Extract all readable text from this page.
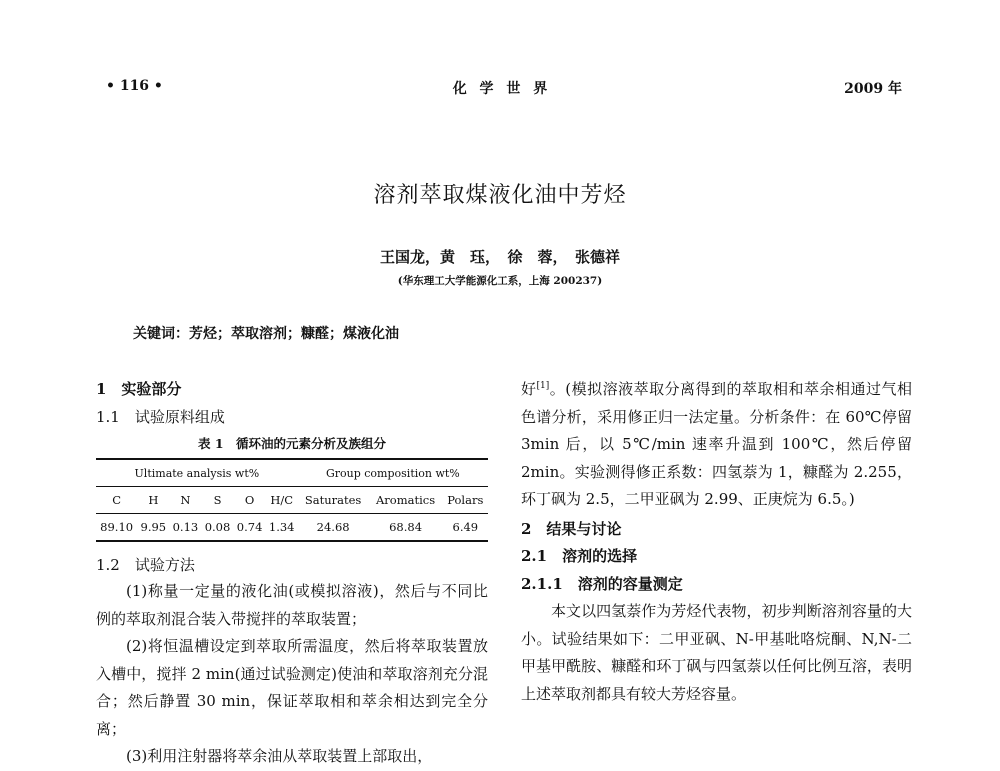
• 116 •	化 学 世 界	2009 年
溶剂萃取煤液化油中芳烃
王国龙，黄　珏，　徐　蓉，　张德祥
(华东理工大学能源化工系，上海 200237)
关键词：芳烃；萃取溶剂；糠醛；煤液化油
1　实验部分
1.1　试验原料组成
表 1　循环油的元素分析及族组分
Ultimate analysis wt%						Group composition wt%		
C	H	N	S	O	H/C	Saturates	Aromatics	Polars
89.10	9.95	0.13	0.08	0.74	1.34	24.68	68.84	6.49
1.2　试验方法

(1)称量一定量的液化油(或模拟溶液)，然后与不同比例的萃取剂混合装入带搅拌的萃取装置；

(2)将恒温槽设定到萃取所需温度，然后将萃取装置放入槽中，搅拌 2 min(通过试验测定)使油和萃取溶剂充分混合；然后静置 30 min，保证萃取相和萃余相达到完全分离；

(3)利用注射器将萃余油从萃取装置上部取出，

好[1]。(模拟溶液萃取分离得到的萃取相和萃余相通过气相色谱分析，采用修正归一法定量。分析条件：在 60℃停留 3min 后，以 5℃/min 速率升温到 100℃，然后停留 2min。实验测得修正系数：四氢萘为 1，糠醛为 2.255，环丁砜为 2.5，二甲亚砜为 2.99、正庚烷为 6.5。)

2　结果与讨论

2.1　溶剂的选择

2.1.1　溶剂的容量测定

本文以四氢萘作为芳烃代表物，初步判断溶剂容量的大小。试验结果如下：二甲亚砜、N-甲基吡咯烷酮、N,N-二甲基甲酰胺、糠醛和环丁砜与四氢萘以任何比例互溶，表明上述萃取剂都具有较大芳烃容量。
